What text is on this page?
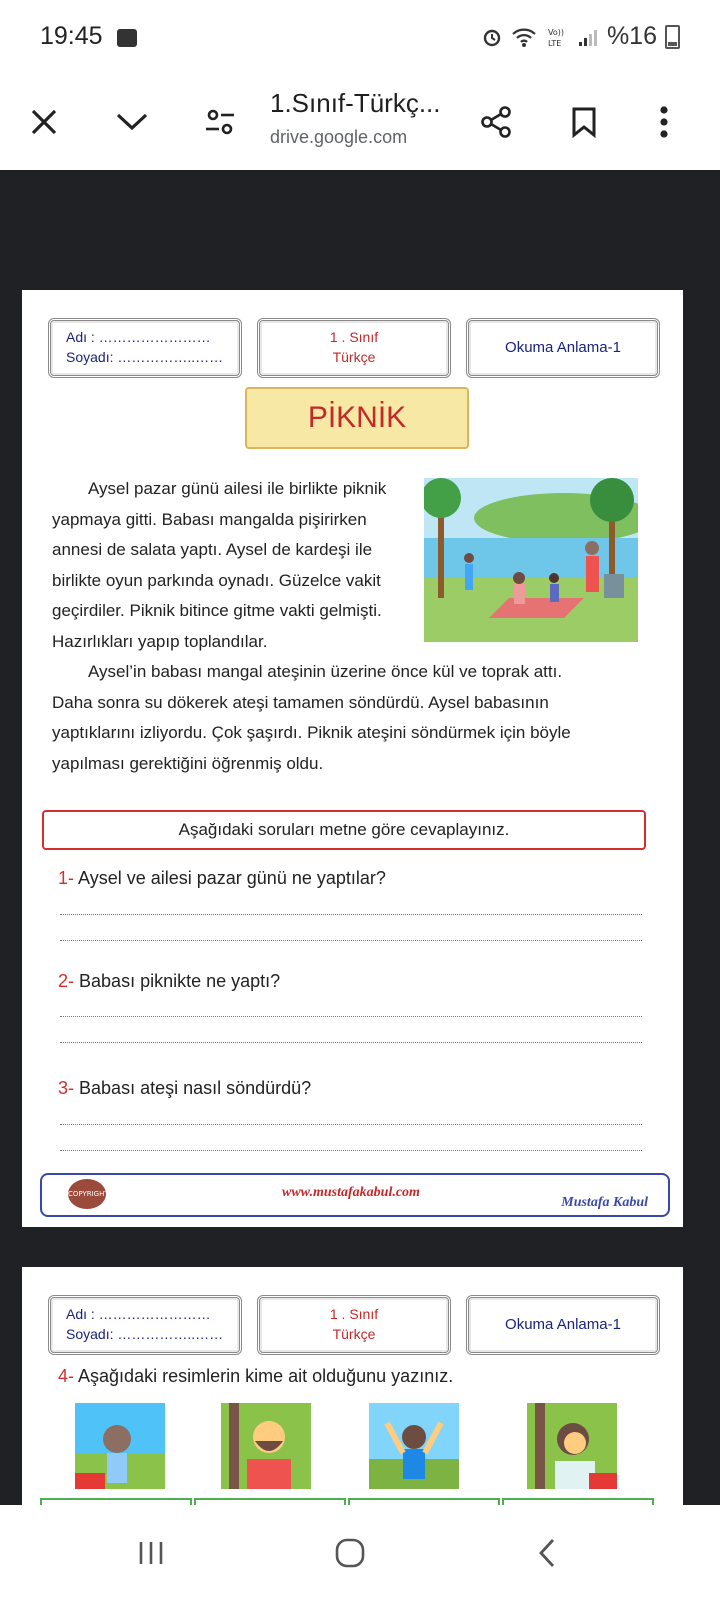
19:45	Vo))
LTE %16
1.Sınıf-Türkç...
drive.google.com
Adı : ……………………
Soyadı: ……………..……
1 . Sınıf
Türkçe
Okuma Anlama-1
PİKNİK
Aysel pazar günü ailesi ile birlikte piknik
yapmaya gitti. Babası mangalda pişirirken
annesi de salata yaptı. Aysel de kardeşi ile
birlikte oyun parkında oynadı. Güzelce vakit
geçirdiler. Piknik bitince gitme vakti gelmişti.
Hazırlıkları yapıp toplandılar.
Aysel’in babası mangal ateşinin üzerine önce kül ve toprak attı.
Daha sonra su dökerek ateşi tamamen söndürdü. Aysel babasının
yaptıklarını izliyordu. Çok şaşırdı. Piknik ateşini söndürmek için böyle
yapılması gerektiğini öğrenmiş oldu.
Aşağıdaki soruları metne göre cevaplayınız.
1- Aysel ve ailesi pazar günü ne yaptılar?
2- Babası piknikte ne yaptı?
3- Babası ateşi nasıl söndürdü?
COPYRIGHT	www.mustafakabul.com
Mustafa Kabul
Adı : ……………………
Soyadı: ……………..……
1 . Sınıf
Türkçe
Okuma Anlama-1
4- Aşağıdaki resimlerin kime ait olduğunu yazınız.
